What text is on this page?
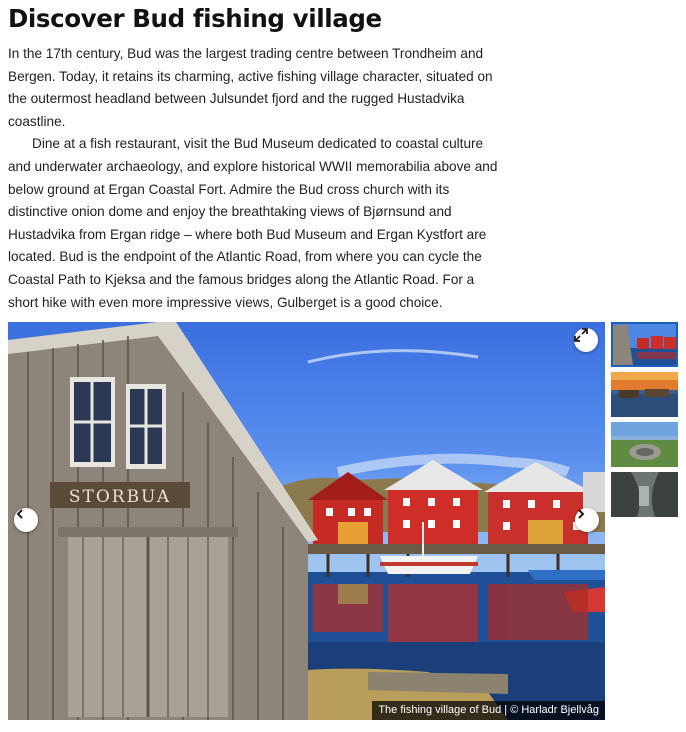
Discover Bud fishing village

In the 17th century, Bud was the largest trading centre between Trondheim and Bergen. Today, it retains its charming, active fishing village character, situated on the outermost headland between Julsundet fjord and the rugged Hustadvika coastline.

Dine at a fish restaurant, visit the Bud Museum dedicated to coastal culture and underwater archaeology, and explore historical WWII memorabilia above and below ground at Ergan Coastal Fort. Admire the Bud cross church with its distinctive onion dome and enjoy the breathtaking views of Bjørnsund and Hustadvika from Ergan ridge – where both Bud Museum and Ergan Kystfort are located. Bud is the endpoint of the Atlantic Road, from where you can cycle the Coastal Path to Kjeksa and the famous bridges along the Atlantic Road. For a short hike with even more impressive views, Gulberget is a good choice.

STORBUA
The fishing village of Bud | © Harladr Bjellvåg
